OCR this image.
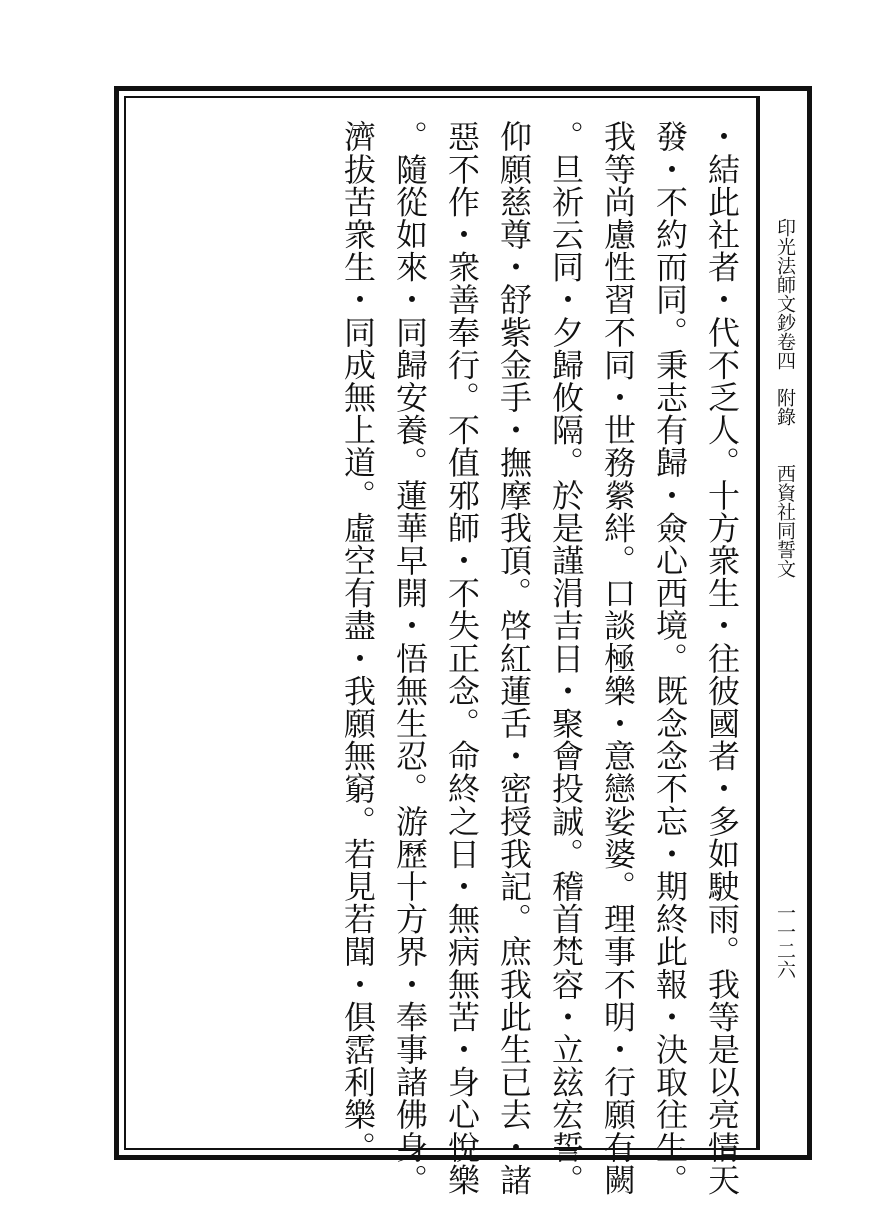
印光法師文鈔卷四
附錄
西資社同誓文
一一二六
・結此社者・代不乏人。十方衆生・往彼國者・多如駛雨。我等是以亮情天
發・不約而同。秉志有歸・僉心西境。既念念不忘・期終此報・決取往生。
我等尚慮性習不同・世務縈絆。口談極樂・意戀娑婆。理事不明・行願有闕
。旦祈云同・夕歸攸隔。於是謹涓吉日・聚會投誠。稽首梵容・立玆宏誓。
仰願慈尊・舒紫金手・撫摩我頂。啓紅蓮舌・密授我記。庶我此生已去・諸
惡不作・衆善奉行。不值邪師・不失正念。命終之日・無病無苦・身心悅樂
。隨從如來・同歸安養。蓮華早開・悟無生忍。游歷十方界・奉事諸佛身。
濟拔苦衆生・同成無上道。虛空有盡・我願無窮。若見若聞・俱霑利樂。
